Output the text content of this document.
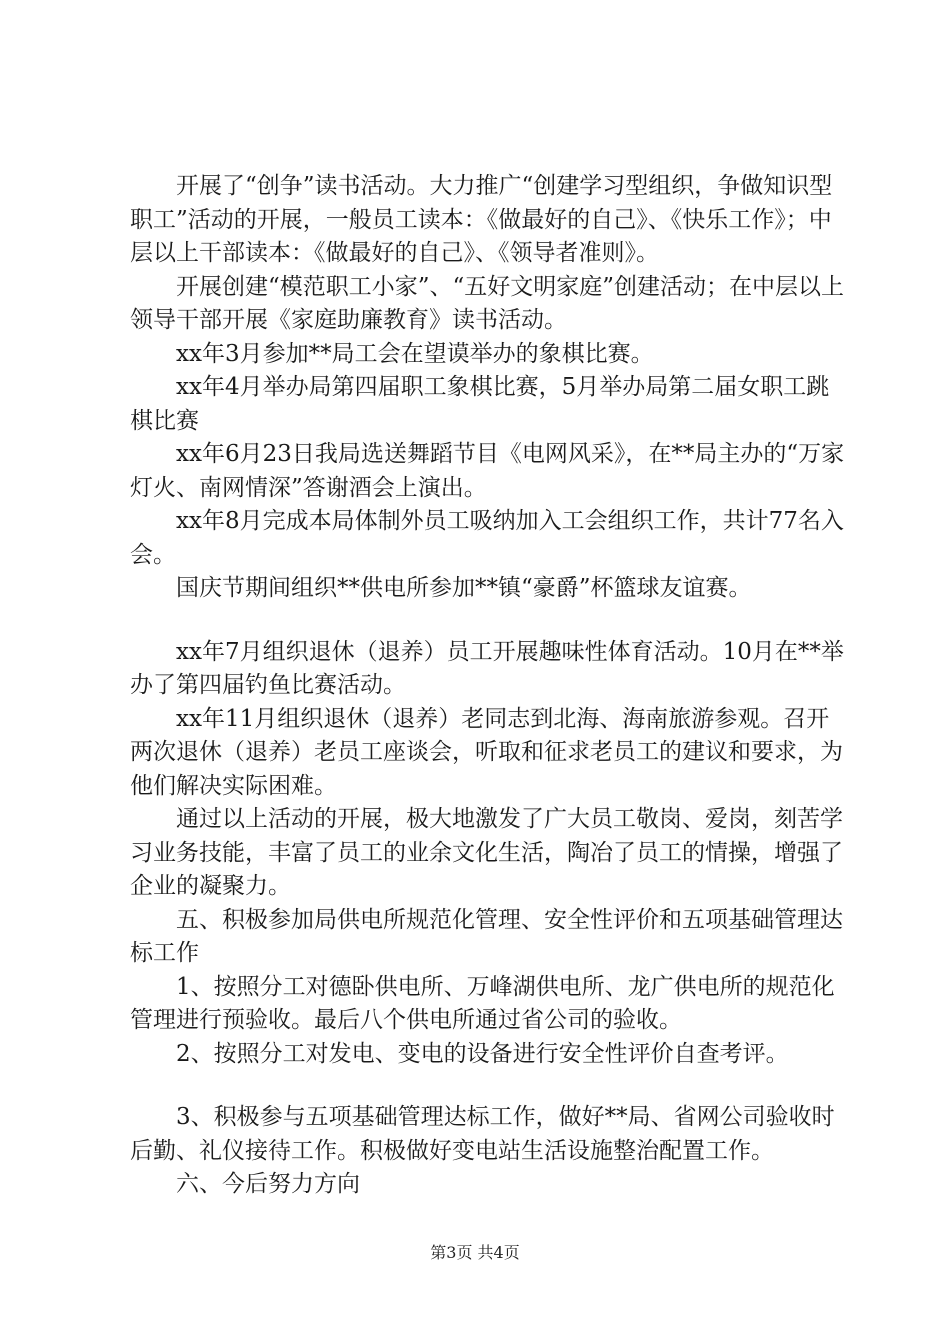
开展了“创争”读书活动。大力推广“创建学习型组织，争做知识型职工”活动的开展，一般员工读本：《做最好的自己》、《快乐工作》；中层以上干部读本：《做最好的自己》、《领导者准则》。

开展创建“模范职工小家”、“五好文明家庭”创建活动；在中层以上领导干部开展《家庭助廉教育》读书活动。

xx年3月参加**局工会在望谟举办的象棋比赛。

xx年4月举办局第四届职工象棋比赛，5月举办局第二届女职工跳棋比赛

xx年6月23日我局选送舞蹈节目《电网风采》，在**局主办的“万家灯火、南网情深”答谢酒会上演出。

xx年8月完成本局体制外员工吸纳加入工会组织工作，共计77名入会。

国庆节期间组织**供电所参加**镇“豪爵”杯篮球友谊赛。

xx年7月组织退休（退养）员工开展趣味性体育活动。10月在**举办了第四届钓鱼比赛活动。

xx年11月组织退休（退养）老同志到北海、海南旅游参观。召开两次退休（退养）老员工座谈会，听取和征求老员工的建议和要求，为他们解决实际困难。

通过以上活动的开展，极大地激发了广大员工敬岗、爱岗，刻苦学习业务技能，丰富了员工的业余文化生活，陶冶了员工的情操，增强了企业的凝聚力。

五、积极参加局供电所规范化管理、安全性评价和五项基础管理达标工作

1、按照分工对德卧供电所、万峰湖供电所、龙广供电所的规范化管理进行预验收。最后八个供电所通过省公司的验收。

2、按照分工对发电、变电的设备进行安全性评价自查考评。

3、积极参与五项基础管理达标工作，做好**局、省网公司验收时后勤、礼仪接待工作。积极做好变电站生活设施整治配置工作。

六、今后努力方向

第3页 共4页
